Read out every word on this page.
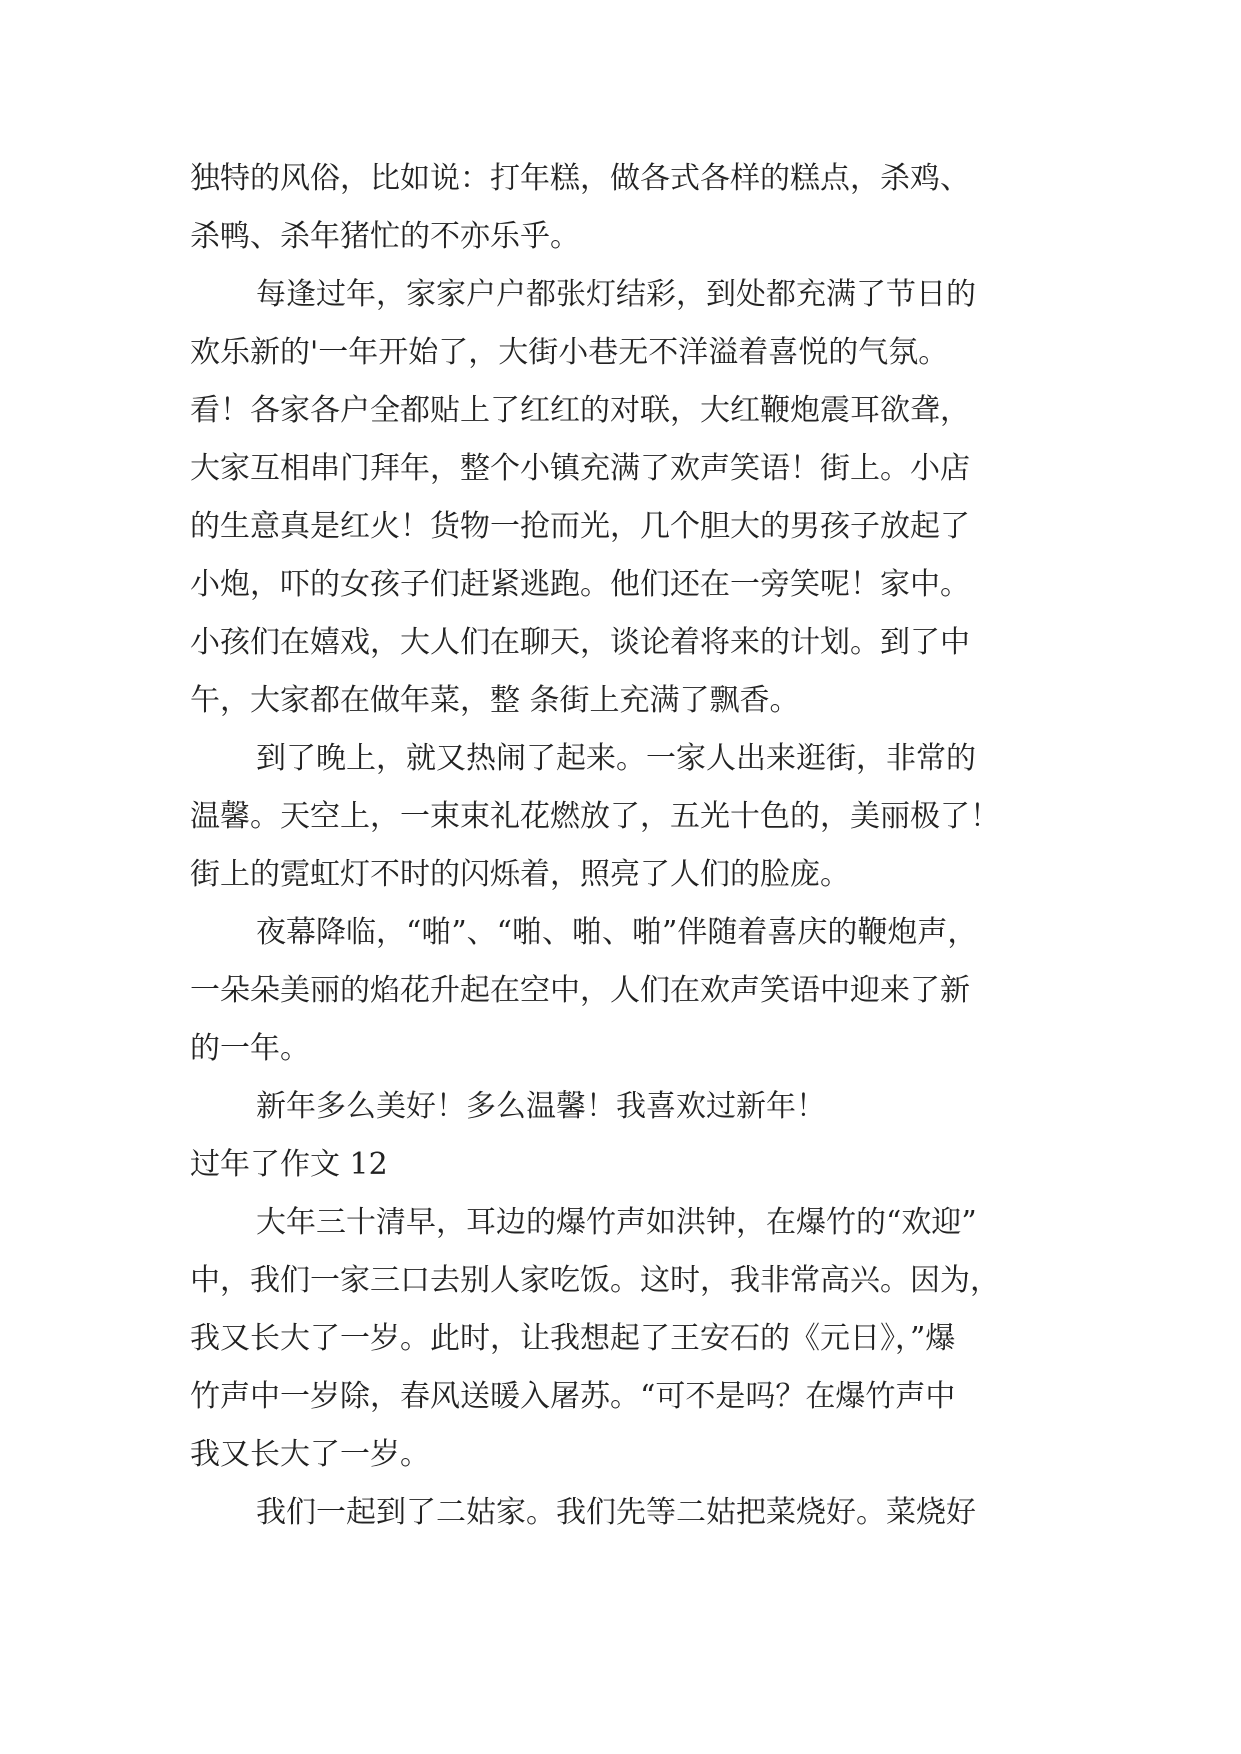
独特的风俗，比如说：打年糕，做各式各样的糕点，杀鸡、
杀鸭、杀年猪忙的不亦乐乎。
每逢过年，家家户户都张灯结彩，到处都充满了节日的
欢乐新的'一年开始了，大街小巷无不洋溢着喜悦的气氛。
看！各家各户全都贴上了红红的对联，大红鞭炮震耳欲聋，
大家互相串门拜年，整个小镇充满了欢声笑语！街上。小店
的生意真是红火！货物一抢而光，几个胆大的男孩子放起了
小炮，吓的女孩子们赶紧逃跑。他们还在一旁笑呢！家中。
小孩们在嬉戏，大人们在聊天，谈论着将来的计划。到了中
午，大家都在做年菜，整 条街上充满了飘香。
到了晚上，就又热闹了起来。一家人出来逛街，非常的
温馨。天空上，一束束礼花燃放了，五光十色的，美丽极了！
街上的霓虹灯不时的闪烁着，照亮了人们的脸庞。
夜幕降临，“啪”、“啪、啪、啪”伴随着喜庆的鞭炮声，
一朵朵美丽的焰花升起在空中，人们在欢声笑语中迎来了新
的一年。
新年多么美好！多么温馨！我喜欢过新年！
过年了作文 12
大年三十清早，耳边的爆竹声如洪钟，在爆竹的“欢迎”
中，我们一家三口去别人家吃饭。这时，我非常高兴。因为，
我又长大了一岁。此时，让我想起了王安石的《元日》，”爆
竹声中一岁除，春风送暖入屠苏。“可不是吗？在爆竹声中
我又长大了一岁。
我们一起到了二姑家。我们先等二姑把菜烧好。菜烧好
